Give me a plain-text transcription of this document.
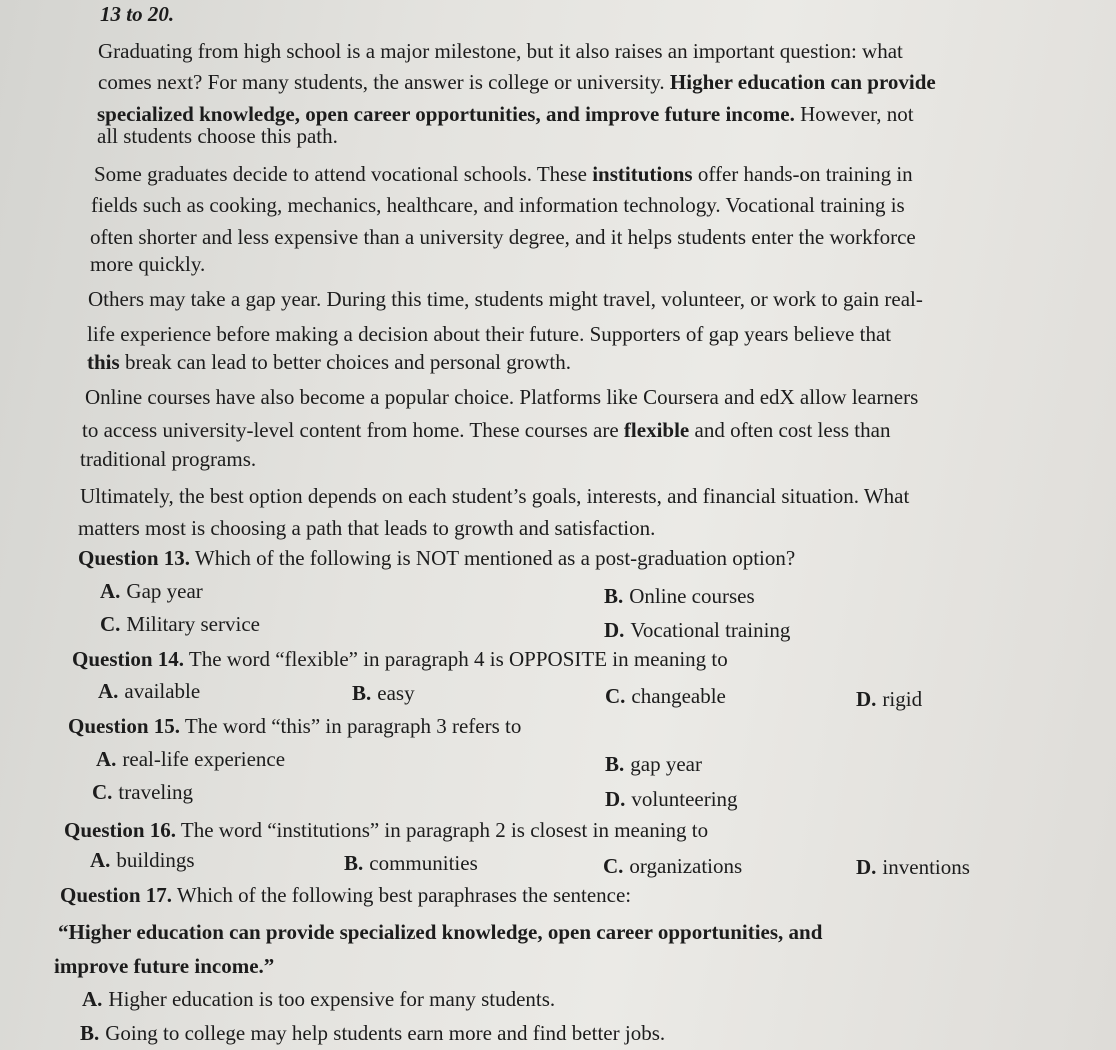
13 to 20.
Graduating from high school is a major milestone, but it also raises an important question: what
comes next? For many students, the answer is college or university. Higher education can provide
specialized knowledge, open career opportunities, and improve future income. However, not
all students choose this path.
Some graduates decide to attend vocational schools. These institutions offer hands-on training in
fields such as cooking, mechanics, healthcare, and information technology. Vocational training is
often shorter and less expensive than a university degree, and it helps students enter the workforce
more quickly.
Others may take a gap year. During this time, students might travel, volunteer, or work to gain real-
life experience before making a decision about their future. Supporters of gap years believe that
this break can lead to better choices and personal growth.
Online courses have also become a popular choice. Platforms like Coursera and edX allow learners
to access university-level content from home. These courses are flexible and often cost less than
traditional programs.
Ultimately, the best option depends on each student’s goals, interests, and financial situation. What
matters most is choosing a path that leads to growth and satisfaction.
Question 13. Which of the following is NOT mentioned as a post-graduation option?
A. Gap year	B. Online courses
C. Military service	D. Vocational training
Question 14. The word “flexible” in paragraph 4 is OPPOSITE in meaning to
A. available	B. easy	C. changeable	D. rigid
Question 15. The word “this” in paragraph 3 refers to
A. real-life experience	B. gap year
C. traveling	D. volunteering
Question 16. The word “institutions” in paragraph 2 is closest in meaning to
A. buildings	B. communities	C. organizations	D. inventions
Question 17. Which of the following best paraphrases the sentence:
“Higher education can provide specialized knowledge, open career opportunities, and
improve future income.”
A. Higher education is too expensive for many students.
B. Going to college may help students earn more and find better jobs.
